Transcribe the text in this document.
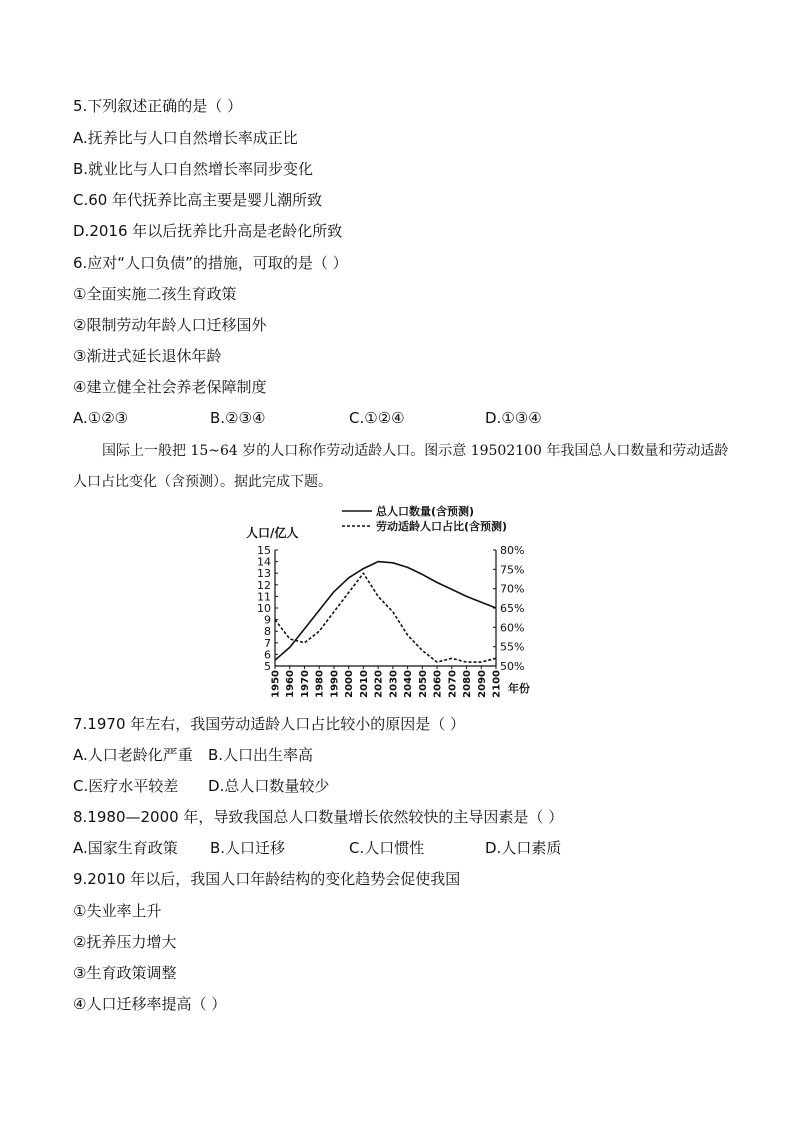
5.下列叙述正确的是（ ）
A.抚养比与人口自然增长率成正比
B.就业比与人口自然增长率同步变化
C.60 年代抚养比高主要是婴儿潮所致
D.2016 年以后抚养比升高是老龄化所致
6.应对“人口负债”的措施，可取的是（ ）
①全面实施二孩生育政策
②限制劳动年龄人口迁移国外
③渐进式延长退休年龄
④建立健全社会养老保障制度
A.①②③	B.②③④	C.①②④	D.①③④

国际上一般把 15~64 岁的人口称作劳动适龄人口。图示意 19502100 年我国总人口数量和劳动适龄人口占比变化（含预测）。据此完成下题。

总人口数量(含预测)
劳动适龄人口占比(含预测)
人口/亿人
年份
5
6
7
8
9
10
11
12
13
14
15
50%
55%
60%
65%
70%
75%
80%
1950 1960 1970 1980 1990 2000 2010 2020 2030 2040 2050 2060 2070 2080 2090 2100
7.1970 年左右，我国劳动适龄人口占比较小的原因是（ ）
A.人口老龄化严重 B.人口出生率高
C.医疗水平较差 D.总人口数量较少
8.1980—2000 年，导致我国总人口数量增长依然较快的主导因素是（ ）
A.国家生育政策 B.人口迁移	C.人口惯性	D.人口素质
9.2010 年以后，我国人口年龄结构的变化趋势会促使我国
①失业率上升
②抚养压力增大
③生育政策调整
④人口迁移率提高（ ）
